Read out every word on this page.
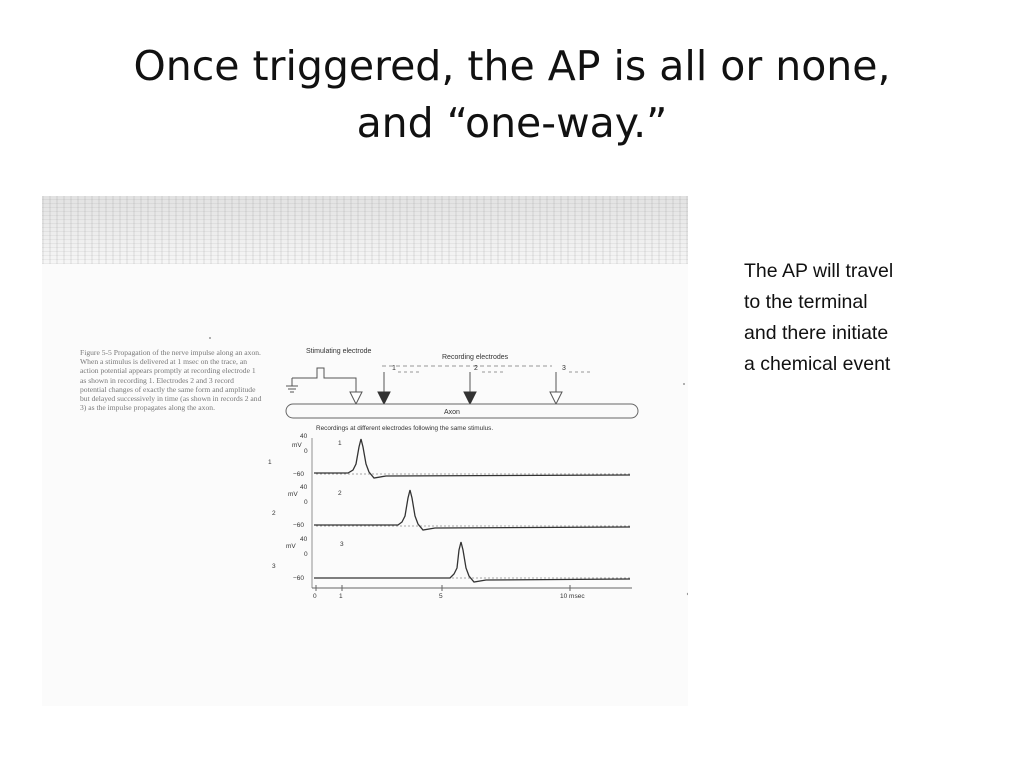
Once triggered, the AP is all or none,
and “one-way.”
The AP will travel
to the terminal
and there initiate
a chemical event
Figure 5-5 Propagation of the nerve impulse along an axon. When a stimulus is delivered at 1 msec on the trace, an action potential appears promptly at recording electrode 1 as shown in recording 1. Electrodes 2 and 3 record potential changes of exactly the same form and amplitude but delayed successively in time (as shown in records 2 and 3) as the impulse propagates along the axon.
Stimulating electrode
Recording electrodes
1	2	3
Axon
Recordings at different electrodes following the same stimulus.
1
mV
40
0
−60
1
2
mV
40
0
−60
2
3
mV
40
0
−60
3
0	1	5	10 msec
